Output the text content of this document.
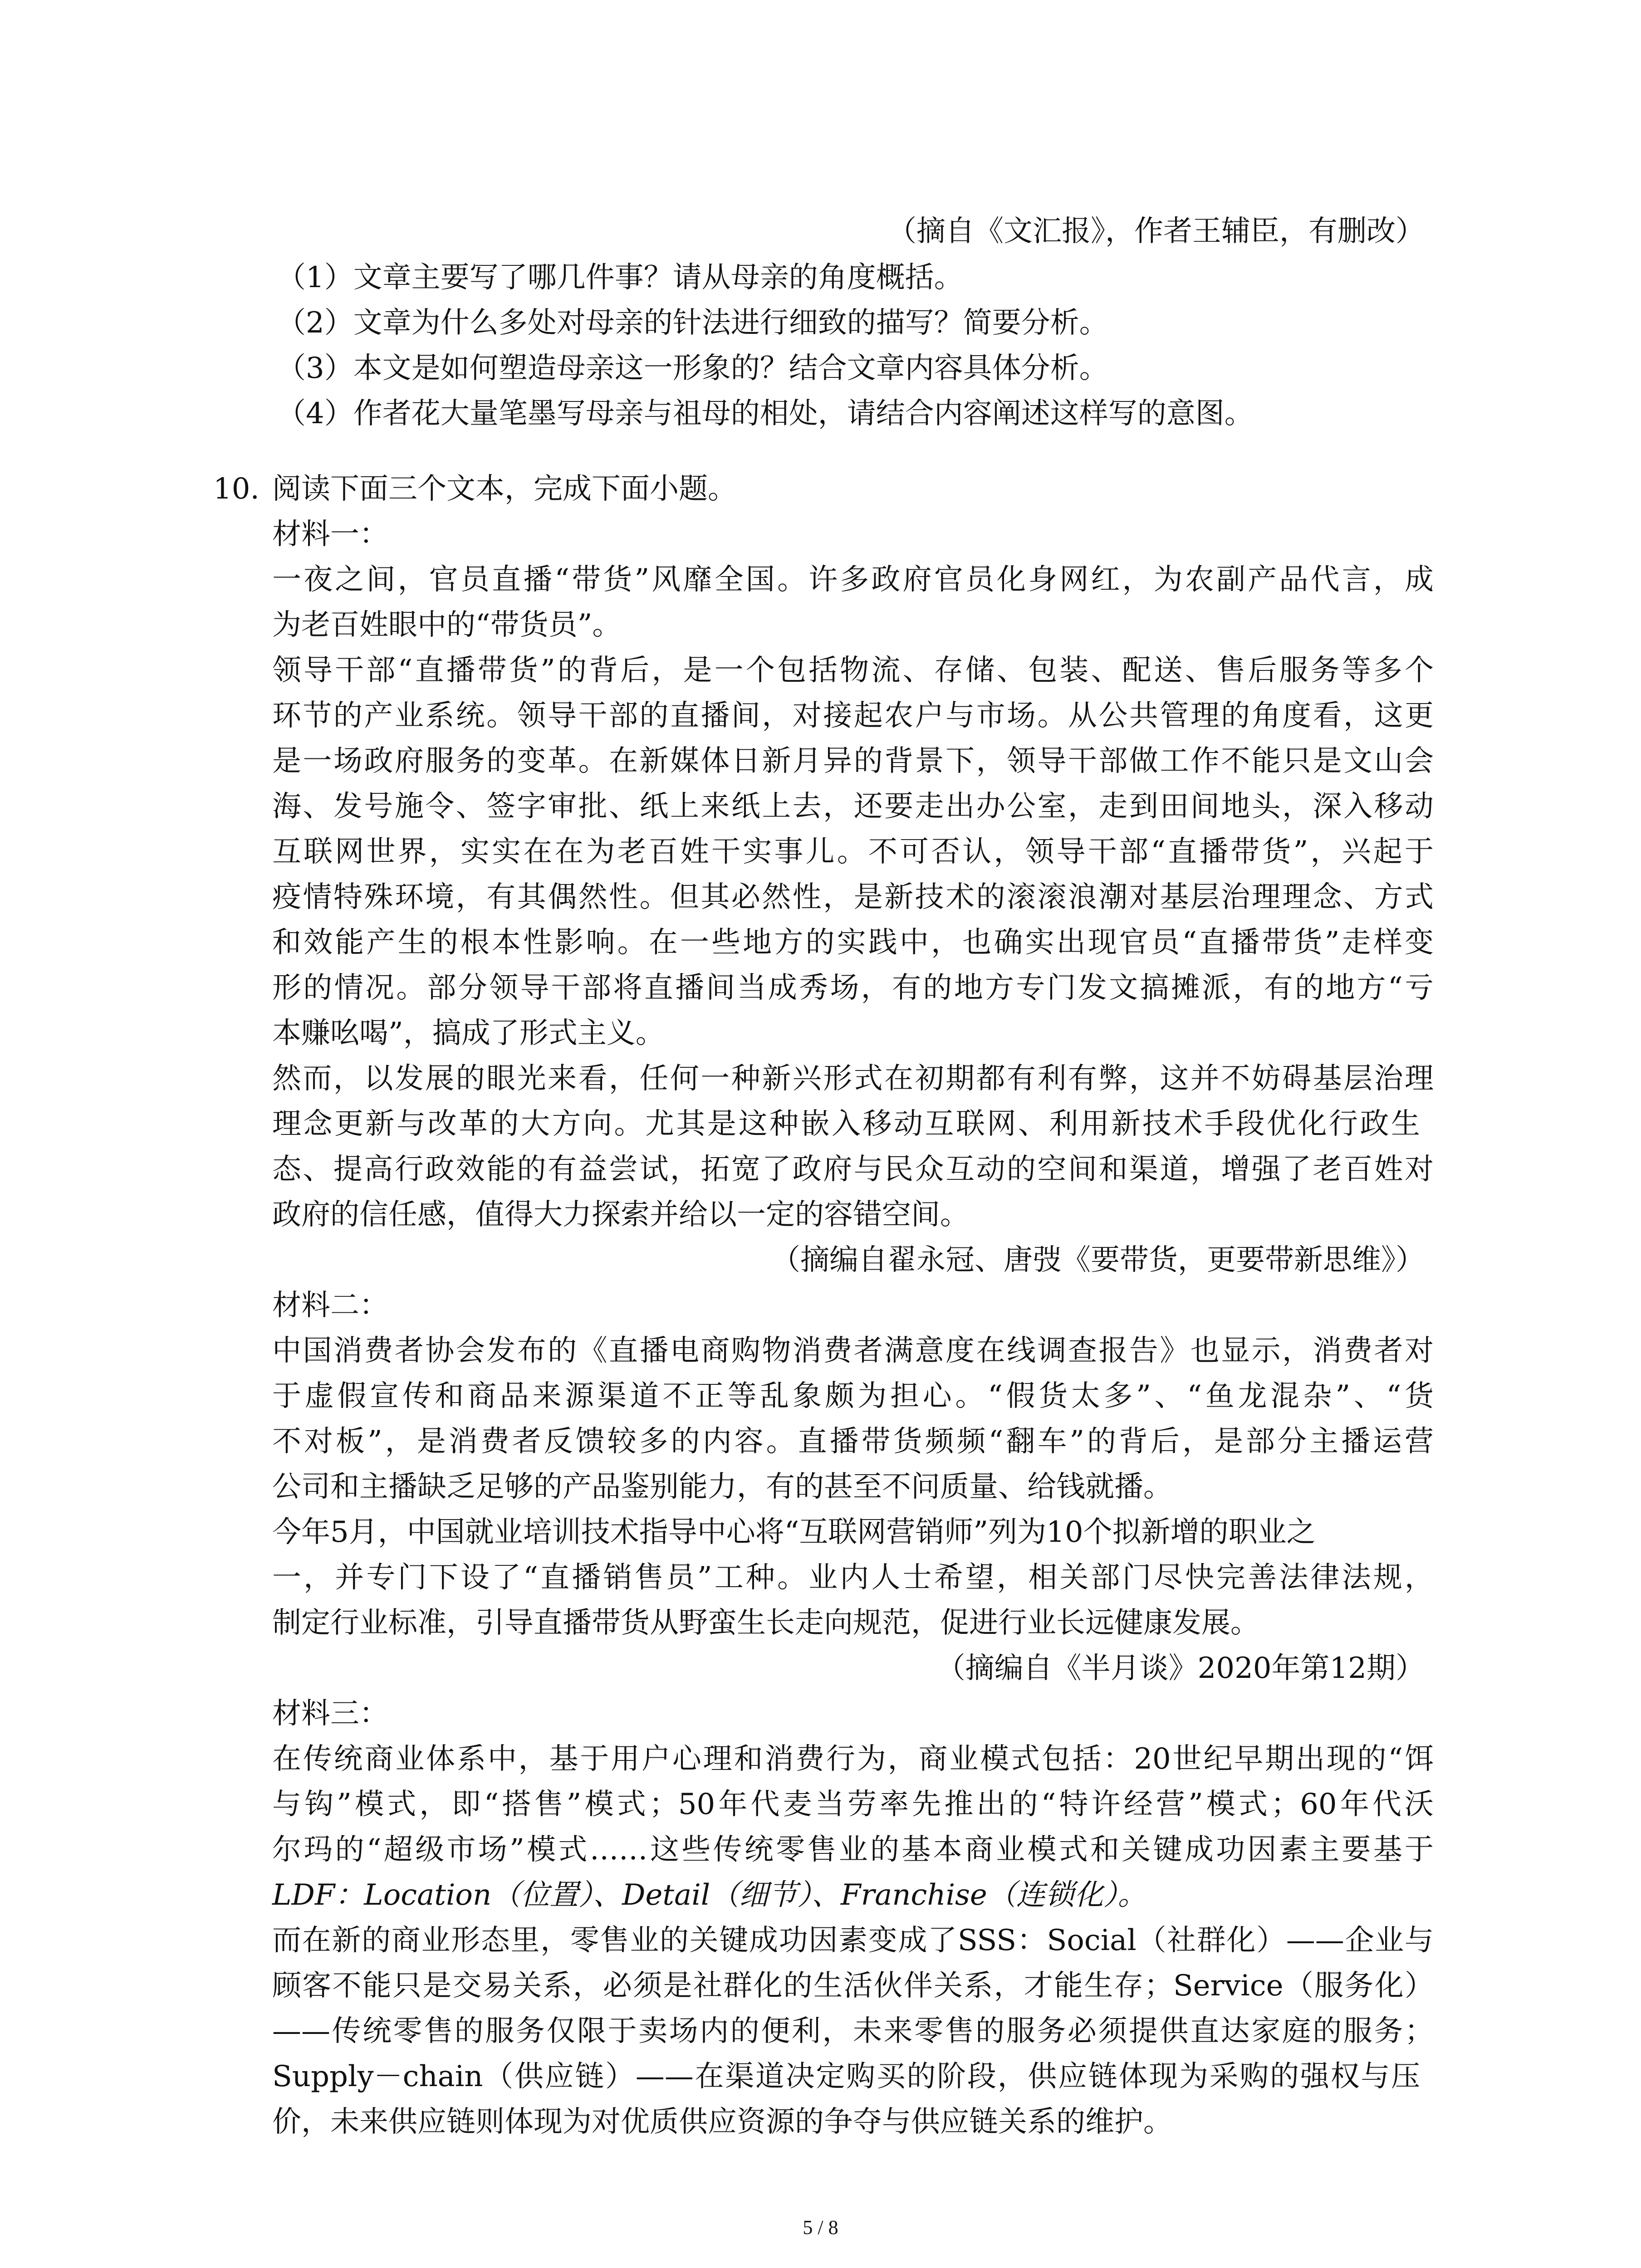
（摘自《文汇报》，作者王辅臣，有删改）

（1）文章主要写了哪几件事？请从母亲的角度概括。

（2）文章为什么多处对母亲的针法进行细致的描写？简要分析。

（3）本文是如何塑造母亲这一形象的？结合文章内容具体分析。

（4）作者花大量笔墨写母亲与祖母的相处，请结合内容阐述这样写的意图。

10. 阅读下面三个文本，完成下面小题。

材料一：

一夜之间，官员直播“带货”风靡全国。许多政府官员化身网红，为农副产品代言，成

为老百姓眼中的“带货员”。

领导干部“直播带货”的背后，是一个包括物流、存储、包装、配送、售后服务等多个

环节的产业系统。领导干部的直播间，对接起农户与市场。从公共管理的角度看，这更

是一场政府服务的变革。在新媒体日新月异的背景下，领导干部做工作不能只是文山会

海、发号施令、签字审批、纸上来纸上去，还要走出办公室，走到田间地头，深入移动

互联网世界，实实在在为老百姓干实事儿。不可否认，领导干部“直播带货”，兴起于

疫情特殊环境，有其偶然性。但其必然性，是新技术的滚滚浪潮对基层治理理念、方式

和效能产生的根本性影响。在一些地方的实践中，也确实出现官员“直播带货”走样变

形的情况。部分领导干部将直播间当成秀场，有的地方专门发文搞摊派，有的地方“亏

本赚吆喝”，搞成了形式主义。

然而，以发展的眼光来看，任何一种新兴形式在初期都有利有弊，这并不妨碍基层治理

理念更新与改革的大方向。尤其是这种嵌入移动互联网、利用新技术手段优化行政生

态、提高行政效能的有益尝试，拓宽了政府与民众互动的空间和渠道，增强了老百姓对

政府的信任感，值得大力探索并给以一定的容错空间。

（摘编自翟永冠、唐弢《要带货，更要带新思维》）

材料二：

中国消费者协会发布的《直播电商购物消费者满意度在线调查报告》也显示，消费者对

于虚假宣传和商品来源渠道不正等乱象颇为担心。“假货太多”、“鱼龙混杂”、“货

不对板”，是消费者反馈较多的内容。直播带货频频“翻车”的背后，是部分主播运营

公司和主播缺乏足够的产品鉴别能力，有的甚至不问质量、给钱就播。

今年5月，中国就业培训技术指导中心将“互联网营销师”列为10个拟新增的职业之

一，并专门下设了“直播销售员”工种。业内人士希望，相关部门尽快完善法律法规，

制定行业标准，引导直播带货从野蛮生长走向规范，促进行业长远健康发展。

（摘编自《半月谈》2020年第12期）

材料三：

在传统商业体系中，基于用户心理和消费行为，商业模式包括：20世纪早期出现的“饵

与钩”模式，即“搭售”模式；50年代麦当劳率先推出的“特许经营”模式；60年代沃

尔玛的“超级市场”模式……这些传统零售业的基本商业模式和关键成功因素主要基于

LDF：Location（位置）、Detail（细节）、Franchise（连锁化）。

而在新的商业形态里，零售业的关键成功因素变成了SSS：Social（社群化）——企业与

顾客不能只是交易关系，必须是社群化的生活伙伴关系，才能生存；Service（服务化）

——传统零售的服务仅限于卖场内的便利，未来零售的服务必须提供直达家庭的服务；

Supply－chain（供应链）——在渠道决定购买的阶段，供应链体现为采购的强权与压

价，未来供应链则体现为对优质供应资源的争夺与供应链关系的维护。

5 / 8
